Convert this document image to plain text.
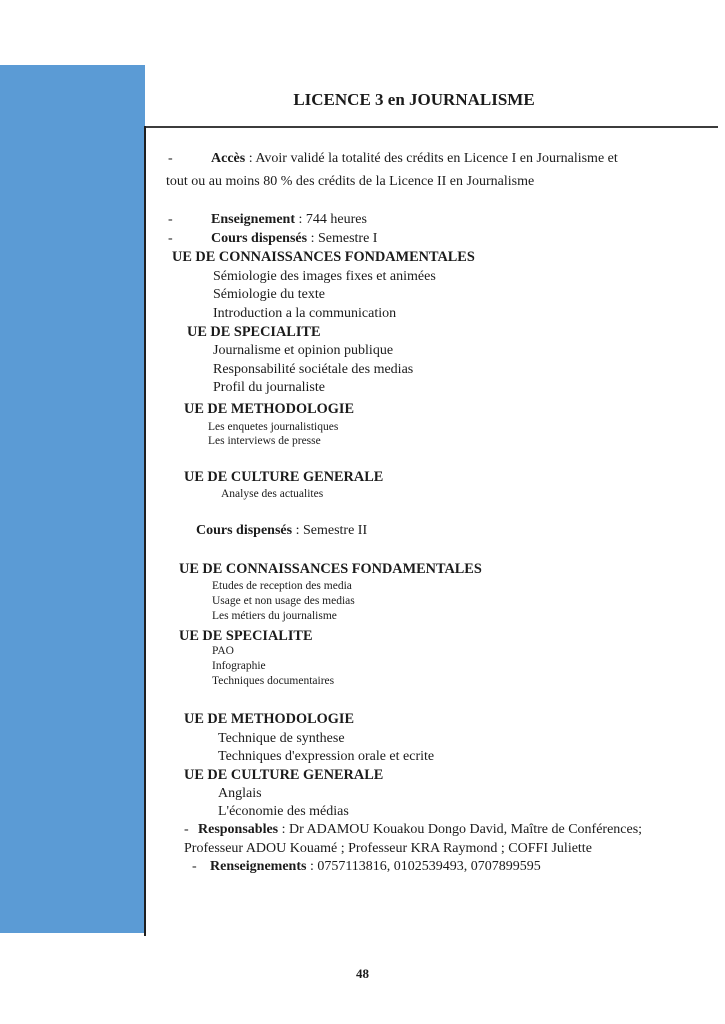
LICENCE 3 en JOURNALISME
-	Accès : Avoir validé la totalité des crédits en Licence I en Journalisme et
tout ou au moins 80 % des crédits de la Licence II en Journalisme
-	Enseignement : 744 heures
-	Cours dispensés : Semestre I
UE DE CONNAISSANCES FONDAMENTALES
Sémiologie des images fixes et animées
Sémiologie du texte
Introduction a la communication
UE DE SPECIALITE
Journalisme et opinion publique
Responsabilité sociétale des medias
Profil du journaliste
UE DE METHODOLOGIE
Les enquetes journalistiques
Les interviews de presse
UE DE CULTURE GENERALE
Analyse des actualites
Cours dispensés : Semestre II
UE DE CONNAISSANCES FONDAMENTALES
Etudes de reception des media
Usage et non usage des medias
Les métiers du journalisme
UE DE SPECIALITE
PAO
Infographie
Techniques documentaires
UE DE METHODOLOGIE
Technique de synthese
Techniques d'expression orale et ecrite
UE DE CULTURE GENERALE
Anglais
L'économie des médias
- Responsables : Dr ADAMOU Kouakou Dongo David, Maître de Conférences;
Professeur ADOU Kouamé ; Professeur KRA Raymond ; COFFI Juliette
- Renseignements : 0757113816, 0102539493, 0707899595
48
